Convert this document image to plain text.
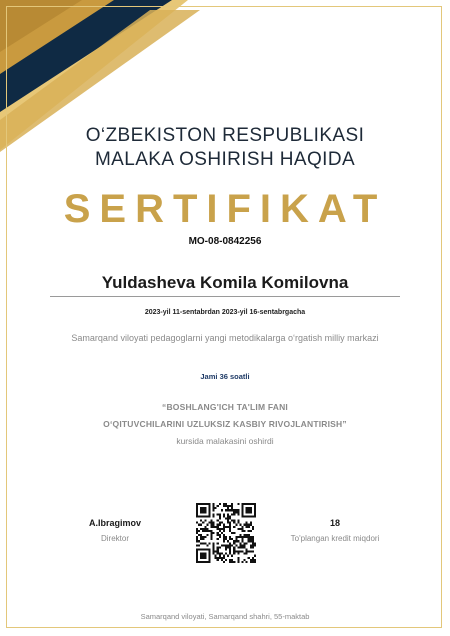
O‘ZBEKISTON RESPUBLIKASI
MALAKA OSHIRISH HAQIDA
SERTIFIKAT
MO-08-0842256
Yuldasheva Komila Komilovna
2023-yil 11-sentabrdan 2023-yil 16-sentabrgacha
Samarqand viloyati pedagoglarni yangi metodikalarga o‘rgatish milliy markazi
Jami 36 soatli
“BOSHLANG'ICH TA'LIM FANI
O‘QITUVCHILARINI UZLUKSIZ KASBIY RIVOJLANTIRISH”
kursida malakasini oshirdi
A.Ibragimov
Direktor
18
To'plangan kredit miqdori
Samarqand viloyati, Samarqand shahri, 55-maktab
